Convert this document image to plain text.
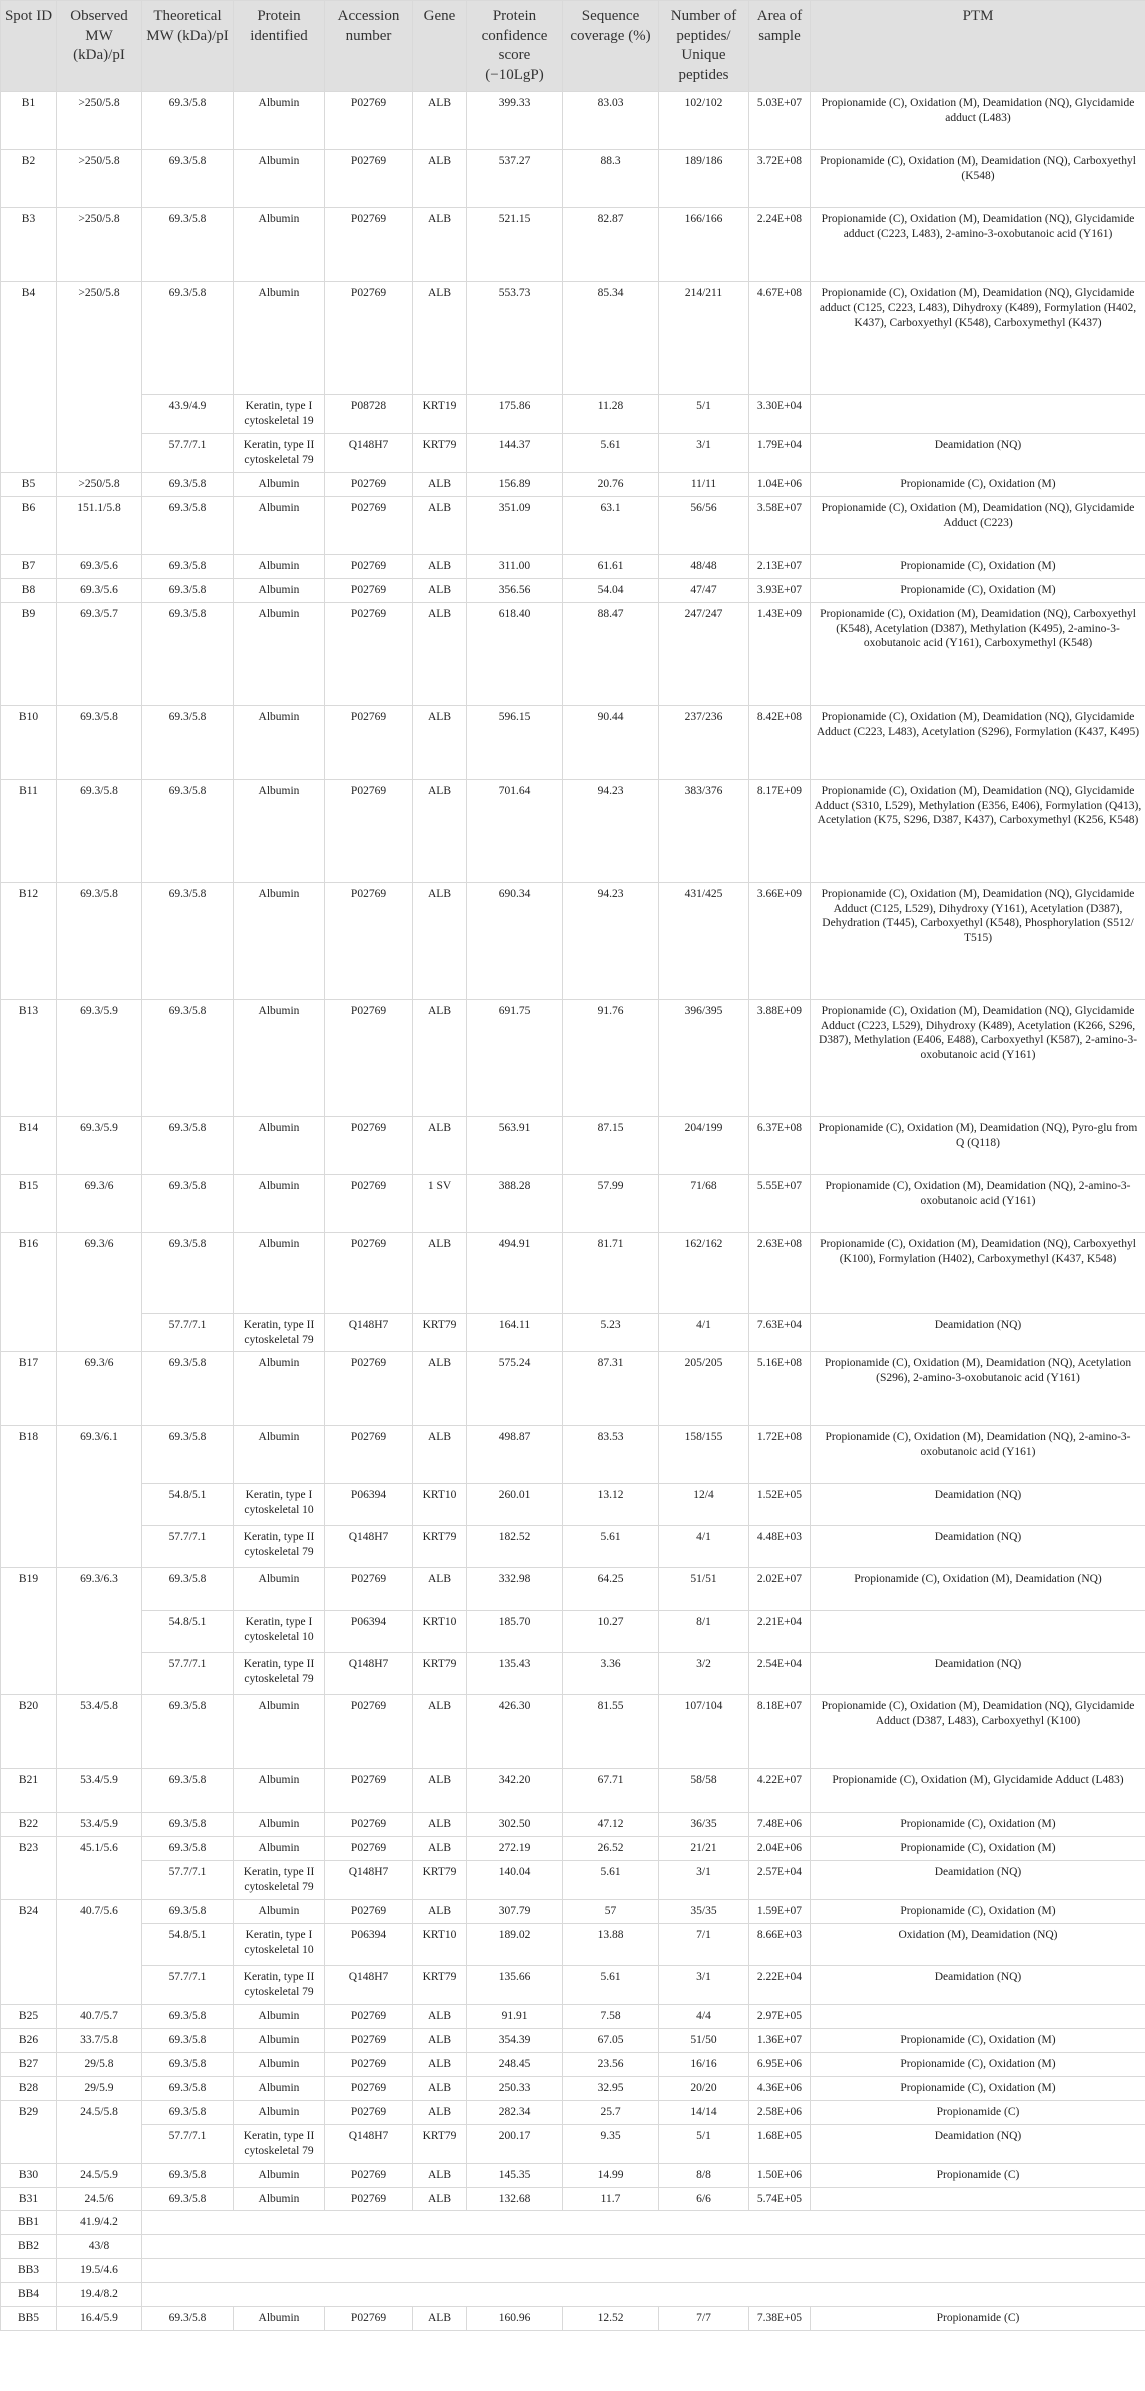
Spot ID	Observed MW (kDa)/pI	Theoretical MW (kDa)/pI	Protein identified	Accession number	Gene	Protein confidence score (−10LgP)	Sequence coverage (%)	Number of peptides/ Unique peptides	Area of sample	PTM
B1	>250/5.8	69.3/5.8	Albumin	P02769	ALB	399.33	83.03	102/102	5.03E+07	Propionamide (C), Oxidation (M), Deamidation (NQ), Glycidamide adduct (L483)
B2	>250/5.8	69.3/5.8	Albumin	P02769	ALB	537.27	88.3	189/186	3.72E+08	Propionamide (C), Oxidation (M), Deamidation (NQ), Carboxyethyl (K548)
B3	>250/5.8	69.3/5.8	Albumin	P02769	ALB	521.15	82.87	166/166	2.24E+08	Propionamide (C), Oxidation (M), Deamidation (NQ), Glycidamide adduct (C223, L483), 2-amino-3-oxobutanoic acid (Y161)
B4	>250/5.8	69.3/5.8	Albumin	P02769	ALB	553.73	85.34	214/211	4.67E+08	Propionamide (C), Oxidation (M), Deamidation (NQ), Glycidamide adduct (C125, C223, L483), Dihydroxy (K489), Formylation (H402, K437), Carboxyethyl (K548), Carboxymethyl (K437)
		43.9/4.9	Keratin, type I cytoskeletal 19	P08728	KRT19	175.86	11.28	5/1	3.30E+04	
		57.7/7.1	Keratin, type II cytoskeletal 79	Q148H7	KRT79	144.37	5.61	3/1	1.79E+04	Deamidation (NQ)
B5	>250/5.8	69.3/5.8	Albumin	P02769	ALB	156.89	20.76	11/11	1.04E+06	Propionamide (C), Oxidation (M)
B6	151.1/5.8	69.3/5.8	Albumin	P02769	ALB	351.09	63.1	56/56	3.58E+07	Propionamide (C), Oxidation (M), Deamidation (NQ), Glycidamide Adduct (C223)
B7	69.3/5.6	69.3/5.8	Albumin	P02769	ALB	311.00	61.61	48/48	2.13E+07	Propionamide (C), Oxidation (M)
B8	69.3/5.6	69.3/5.8	Albumin	P02769	ALB	356.56	54.04	47/47	3.93E+07	Propionamide (C), Oxidation (M)
B9	69.3/5.7	69.3/5.8	Albumin	P02769	ALB	618.40	88.47	247/247	1.43E+09	Propionamide (C), Oxidation (M), Deamidation (NQ), Carboxyethyl (K548), Acetylation (D387), Methylation (K495), 2-amino-3-oxobutanoic acid (Y161), Carboxymethyl (K548)
B10	69.3/5.8	69.3/5.8	Albumin	P02769	ALB	596.15	90.44	237/236	8.42E+08	Propionamide (C), Oxidation (M), Deamidation (NQ), Glycidamide Adduct (C223, L483), Acetylation (S296), Formylation (K437, K495)
B11	69.3/5.8	69.3/5.8	Albumin	P02769	ALB	701.64	94.23	383/376	8.17E+09	Propionamide (C), Oxidation (M), Deamidation (NQ), Glycidamide Adduct (S310, L529), Methylation (E356, E406), Formylation (Q413), Acetylation (K75, S296, D387, K437), Carboxymethyl (K256, K548)
B12	69.3/5.8	69.3/5.8	Albumin	P02769	ALB	690.34	94.23	431/425	3.66E+09	Propionamide (C), Oxidation (M), Deamidation (NQ), Glycidamide Adduct (C125, L529), Dihydroxy (Y161), Acetylation (D387), Dehydration (T445), Carboxyethyl (K548), Phosphorylation (S512/ T515)
B13	69.3/5.9	69.3/5.8	Albumin	P02769	ALB	691.75	91.76	396/395	3.88E+09	Propionamide (C), Oxidation (M), Deamidation (NQ), Glycidamide Adduct (C223, L529), Dihydroxy (K489), Acetylation (K266, S296, D387), Methylation (E406, E488), Carboxyethyl (K587), 2-amino-3-oxobutanoic acid (Y161)
B14	69.3/5.9	69.3/5.8	Albumin	P02769	ALB	563.91	87.15	204/199	6.37E+08	Propionamide (C), Oxidation (M), Deamidation (NQ), Pyro-glu from Q (Q118)
B15	69.3/6	69.3/5.8	Albumin	P02769	1 SV	388.28	57.99	71/68	5.55E+07	Propionamide (C), Oxidation (M), Deamidation (NQ), 2-amino-3-oxobutanoic acid (Y161)
B16	69.3/6	69.3/5.8	Albumin	P02769	ALB	494.91	81.71	162/162	2.63E+08	Propionamide (C), Oxidation (M), Deamidation (NQ), Carboxyethyl (K100), Formylation (H402), Carboxymethyl (K437, K548)
		57.7/7.1	Keratin, type II cytoskeletal 79	Q148H7	KRT79	164.11	5.23	4/1	7.63E+04	Deamidation (NQ)
B17	69.3/6	69.3/5.8	Albumin	P02769	ALB	575.24	87.31	205/205	5.16E+08	Propionamide (C), Oxidation (M), Deamidation (NQ), Acetylation (S296), 2-amino-3-oxobutanoic acid (Y161)
B18	69.3/6.1	69.3/5.8	Albumin	P02769	ALB	498.87	83.53	158/155	1.72E+08	Propionamide (C), Oxidation (M), Deamidation (NQ), 2-amino-3-oxobutanoic acid (Y161)
		54.8/5.1	Keratin, type I cytoskeletal 10	P06394	KRT10	260.01	13.12	12/4	1.52E+05	Deamidation (NQ)
		57.7/7.1	Keratin, type II cytoskeletal 79	Q148H7	KRT79	182.52	5.61	4/1	4.48E+03	Deamidation (NQ)
B19	69.3/6.3	69.3/5.8	Albumin	P02769	ALB	332.98	64.25	51/51	2.02E+07	Propionamide (C), Oxidation (M), Deamidation (NQ)
		54.8/5.1	Keratin, type I cytoskeletal 10	P06394	KRT10	185.70	10.27	8/1	2.21E+04	
		57.7/7.1	Keratin, type II cytoskeletal 79	Q148H7	KRT79	135.43	3.36	3/2	2.54E+04	Deamidation (NQ)
B20	53.4/5.8	69.3/5.8	Albumin	P02769	ALB	426.30	81.55	107/104	8.18E+07	Propionamide (C), Oxidation (M), Deamidation (NQ), Glycidamide Adduct (D387, L483), Carboxyethyl (K100)
B21	53.4/5.9	69.3/5.8	Albumin	P02769	ALB	342.20	67.71	58/58	4.22E+07	Propionamide (C), Oxidation (M), Glycidamide Adduct (L483)
B22	53.4/5.9	69.3/5.8	Albumin	P02769	ALB	302.50	47.12	36/35	7.48E+06	Propionamide (C), Oxidation (M)
B23	45.1/5.6	69.3/5.8	Albumin	P02769	ALB	272.19	26.52	21/21	2.04E+06	Propionamide (C), Oxidation (M)
		57.7/7.1	Keratin, type II cytoskeletal 79	Q148H7	KRT79	140.04	5.61	3/1	2.57E+04	Deamidation (NQ)
B24	40.7/5.6	69.3/5.8	Albumin	P02769	ALB	307.79	57	35/35	1.59E+07	Propionamide (C), Oxidation (M)
		54.8/5.1	Keratin, type I cytoskeletal 10	P06394	KRT10	189.02	13.88	7/1	8.66E+03	Oxidation (M), Deamidation (NQ)
		57.7/7.1	Keratin, type II cytoskeletal 79	Q148H7	KRT79	135.66	5.61	3/1	2.22E+04	Deamidation (NQ)
B25	40.7/5.7	69.3/5.8	Albumin	P02769	ALB	91.91	7.58	4/4	2.97E+05	
B26	33.7/5.8	69.3/5.8	Albumin	P02769	ALB	354.39	67.05	51/50	1.36E+07	Propionamide (C), Oxidation (M)
B27	29/5.8	69.3/5.8	Albumin	P02769	ALB	248.45	23.56	16/16	6.95E+06	Propionamide (C), Oxidation (M)
B28	29/5.9	69.3/5.8	Albumin	P02769	ALB	250.33	32.95	20/20	4.36E+06	Propionamide (C), Oxidation (M)
B29	24.5/5.8	69.3/5.8	Albumin	P02769	ALB	282.34	25.7	14/14	2.58E+06	Propionamide (C)
		57.7/7.1	Keratin, type II cytoskeletal 79	Q148H7	KRT79	200.17	9.35	5/1	1.68E+05	Deamidation (NQ)
B30	24.5/5.9	69.3/5.8	Albumin	P02769	ALB	145.35	14.99	8/8	1.50E+06	Propionamide (C)
B31	24.5/6	69.3/5.8	Albumin	P02769	ALB	132.68	11.7	6/6	5.74E+05	
BB1	41.9/4.2									
BB2	43/8									
BB3	19.5/4.6									
BB4	19.4/8.2									
BB5	16.4/5.9	69.3/5.8	Albumin	P02769	ALB	160.96	12.52	7/7	7.38E+05	Propionamide (C)
